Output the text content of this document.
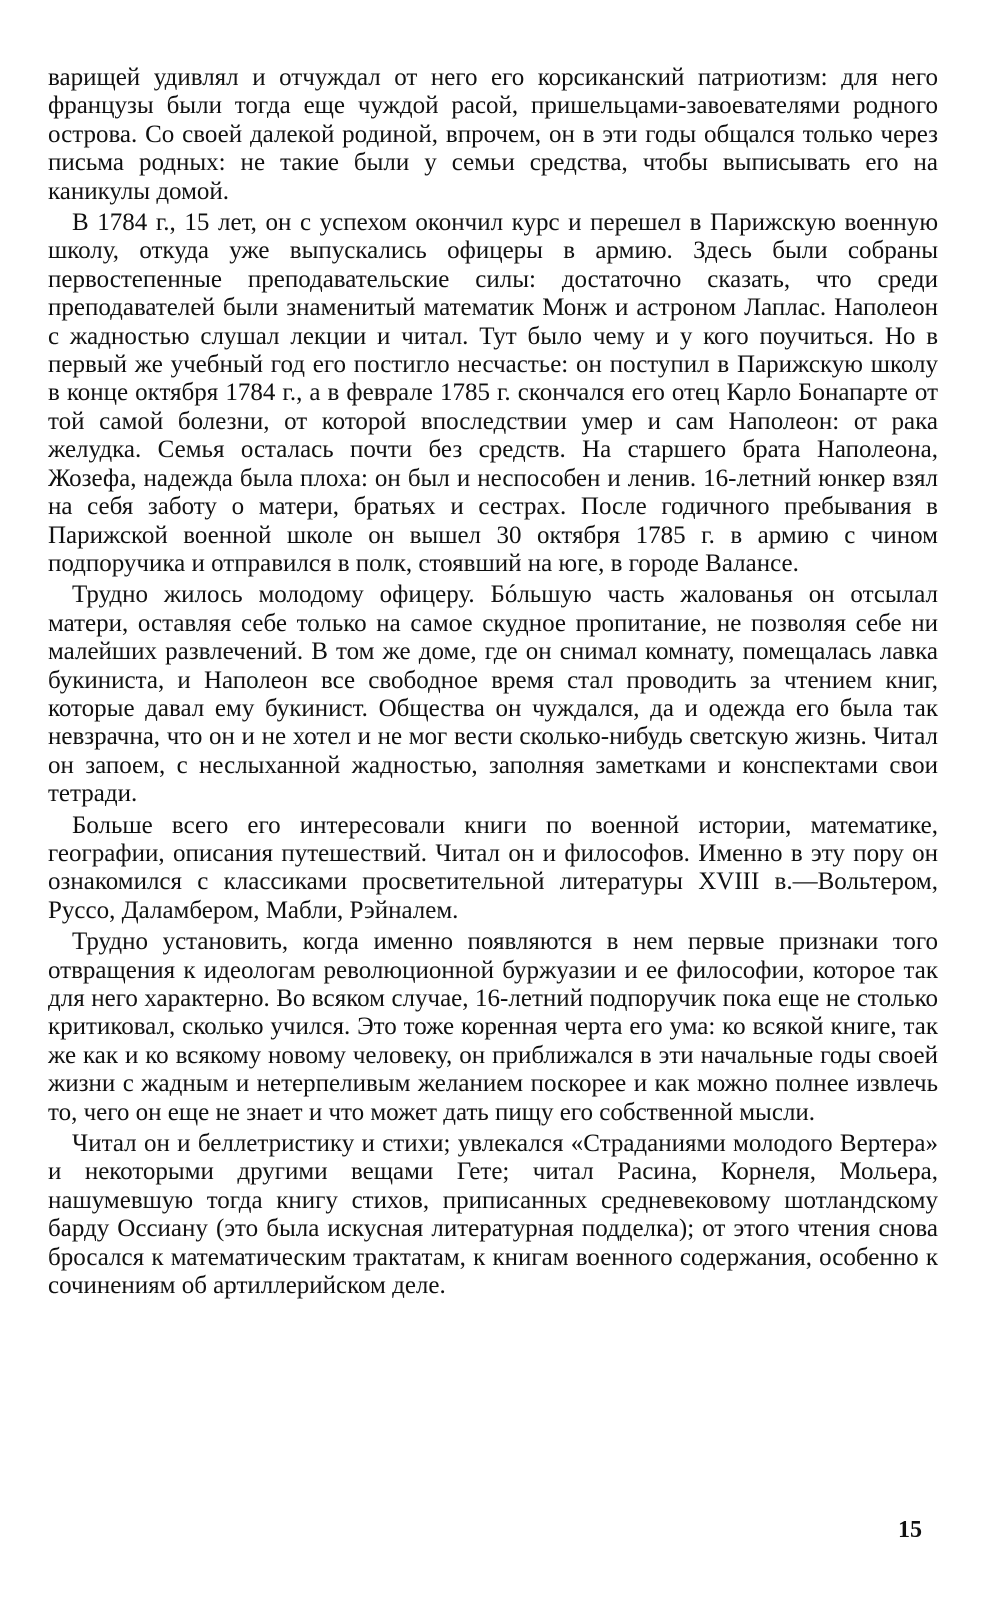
варищей удивлял и отчуждал от него его корсиканский патриотизм: для него французы были тогда еще чуждой расой, пришельцами-завоевателями родного острова. Со своей далекой родиной, впрочем, он в эти годы общался только через письма родных: не такие были у семьи средства, чтобы выписывать его на каникулы домой.

В 1784 г., 15 лет, он с успехом окончил курс и перешел в Парижскую военную школу, откуда уже выпускались офицеры в армию. Здесь были собраны первостепенные преподавательские силы: достаточно сказать, что среди преподавателей были знаменитый математик Монж и астроном Лаплас. Наполеон с жадностью слушал лекции и читал. Тут было чему и у кого поучиться. Но в первый же учебный год его постигло несчастье: он поступил в Парижскую школу в конце октября 1784 г., а в феврале 1785 г. скончался его отец Карло Бонапарте от той самой болезни, от которой впоследствии умер и сам Наполеон: от рака желудка. Семья осталась почти без средств. На старшего брата Наполеона, Жозефа, надежда была плоха: он был и неспособен и ленив. 16-летний юнкер взял на себя заботу о матери, братьях и сестрах. После годичного пребывания в Парижской военной школе он вышел 30 октября 1785 г. в армию с чином подпоручика и отправился в полк, стоявший на юге, в городе Валансе.

Трудно жилось молодому офицеру. Бóльшую часть жалованья он отсылал матери, оставляя себе только на самое скудное пропитание, не позволяя себе ни малейших развлечений. В том же доме, где он снимал комнату, помещалась лавка букиниста, и Наполеон все свободное время стал проводить за чтением книг, которые давал ему букинист. Общества он чуждался, да и одежда его была так невзрачна, что он и не хотел и не мог вести сколько-нибудь светскую жизнь. Читал он запоем, с неслыханной жадностью, заполняя заметками и конспектами свои тетради.

Больше всего его интересовали книги по военной истории, математике, географии, описания путешествий. Читал он и философов. Именно в эту пору он ознакомился с классиками просветительной литературы XVIII в.—Вольтером, Руссо, Даламбером, Мабли, Рэйналем.

Трудно установить, когда именно появляются в нем первые признаки того отвращения к идеологам революционной буржуазии и ее философии, которое так для него характерно. Во всяком случае, 16-летний подпоручик пока еще не столько критиковал, сколько учился. Это тоже коренная черта его ума: ко всякой книге, так же как и ко всякому новому человеку, он приближался в эти начальные годы своей жизни с жадным и нетерпеливым желанием поскорее и как можно полнее извлечь то, чего он еще не знает и что может дать пищу его собственной мысли.

Читал он и беллетристику и стихи; увлекался «Страданиями молодого Вертера» и некоторыми другими вещами Гете; читал Расина, Корнеля, Мольера, нашумевшую тогда книгу стихов, приписанных средневековому шотландскому барду Оссиану (это была искусная литературная подделка); от этого чтения снова бросался к математическим трактатам, к книгам военного содержания, особенно к сочинениям об артиллерийском деле.

15
